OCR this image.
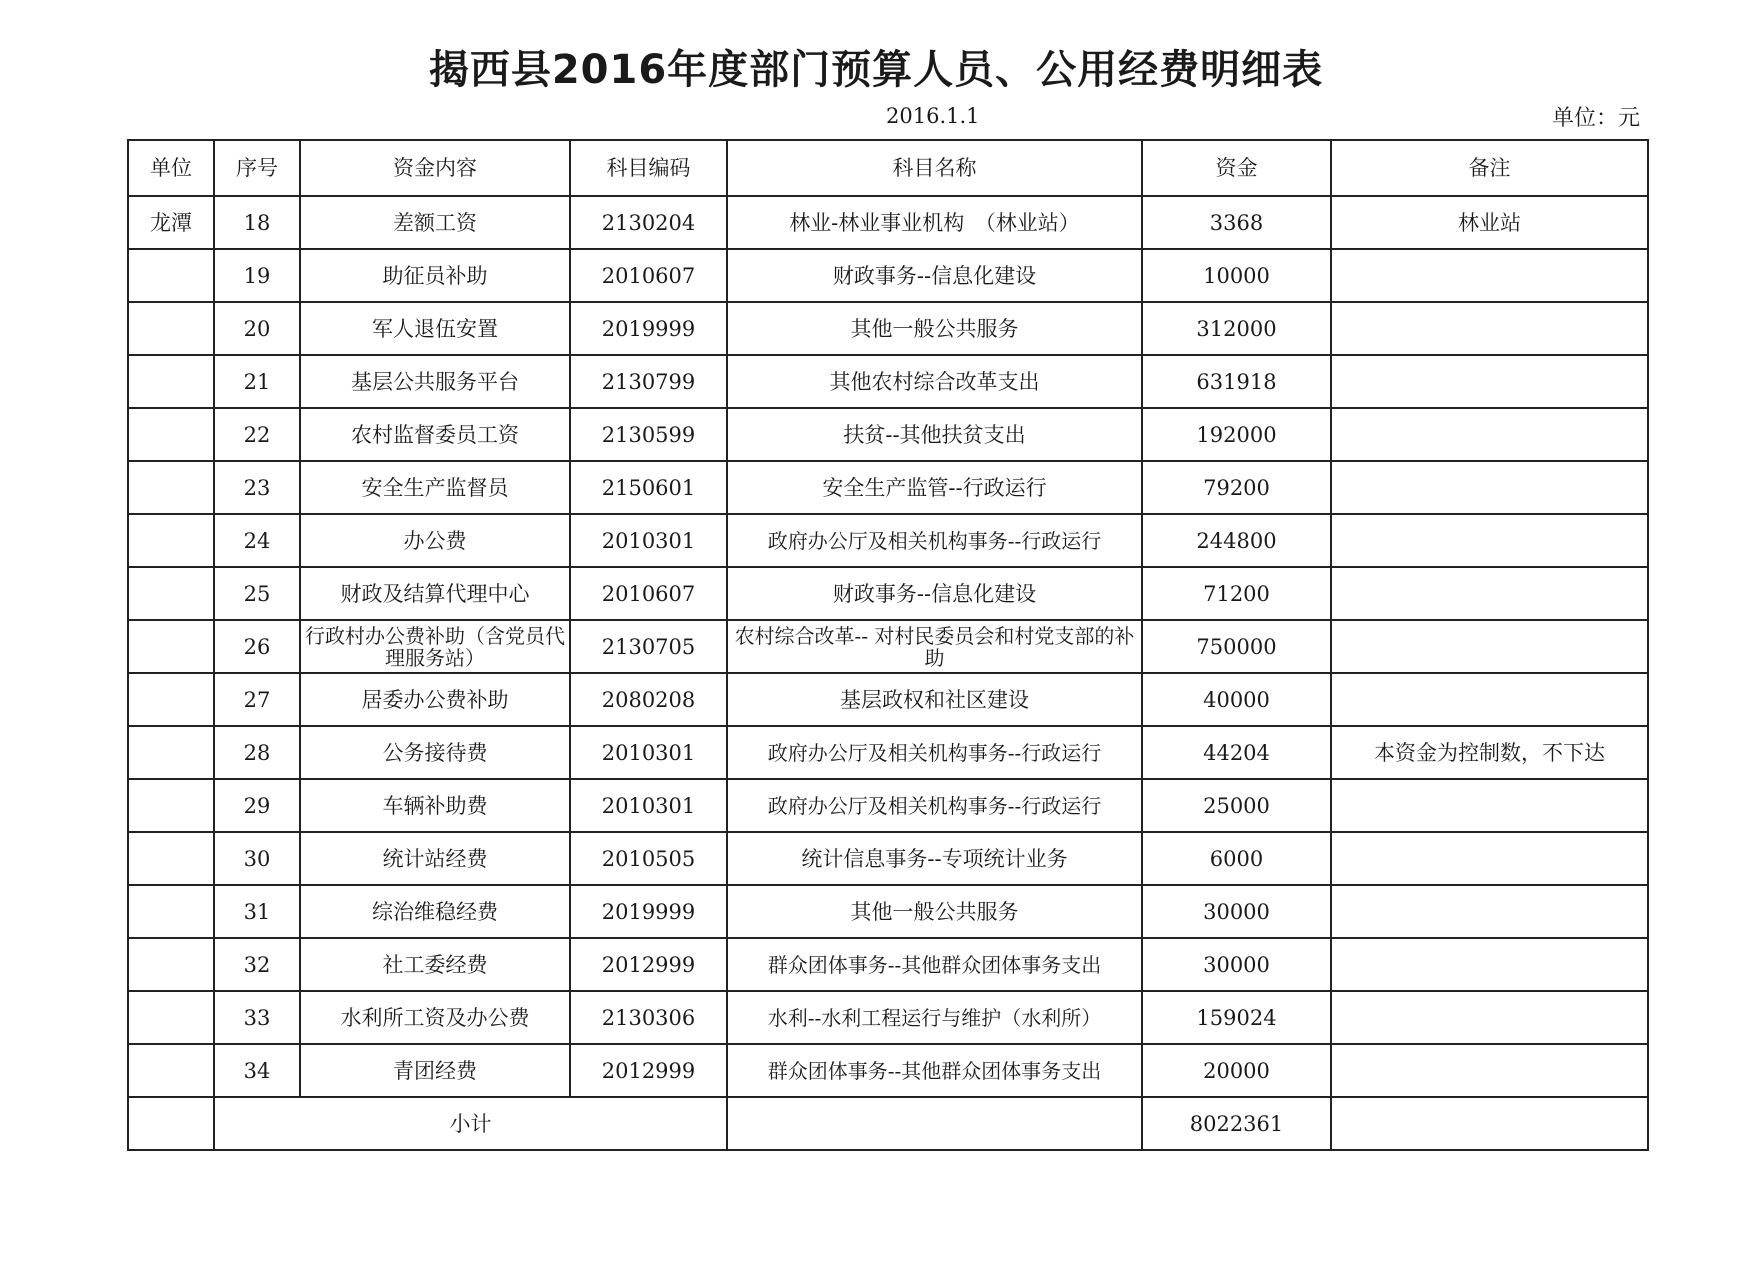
揭西县2016年度部门预算人员、公用经费明细表
2016.1.1	单位：元
单位	序号	资金内容	科目编码	科目名称	资金	备注
龙潭	18	差额工资	2130204	林业-林业事业机构　（林业站）	3368	林业站
	19	助征员补助	2010607	财政事务--信息化建设	10000	
	20	军人退伍安置	2019999	其他一般公共服务	312000	
	21	基层公共服务平台	2130799	其他农村综合改革支出	631918	
	22	农村监督委员工资	2130599	扶贫--其他扶贫支出	192000	
	23	安全生产监督员	2150601	安全生产监管--行政运行	79200	
	24	办公费	2010301	政府办公厅及相关机构事务--行政运行	244800	
	25	财政及结算代理中心	2010607	财政事务--信息化建设	71200	
	26	行政村办公费补助（含党员代理服务站）	2130705	农村综合改革-- 对村民委员会和村党支部的补助	750000	
	27	居委办公费补助	2080208	基层政权和社区建设	40000	
	28	公务接待费	2010301	政府办公厅及相关机构事务--行政运行	44204	本资金为控制数，不下达
	29	车辆补助费	2010301	政府办公厅及相关机构事务--行政运行	25000	
	30	统计站经费	2010505	统计信息事务--专项统计业务	6000	
	31	综治维稳经费	2019999	其他一般公共服务	30000	
	32	社工委经费	2012999	群众团体事务--其他群众团体事务支出	30000	
	33	水利所工资及办公费	2130306	水利--水利工程运行与维护（水利所）	159024	
	34	青团经费	2012999	群众团体事务--其他群众团体事务支出	20000	
	小计				8022361	
